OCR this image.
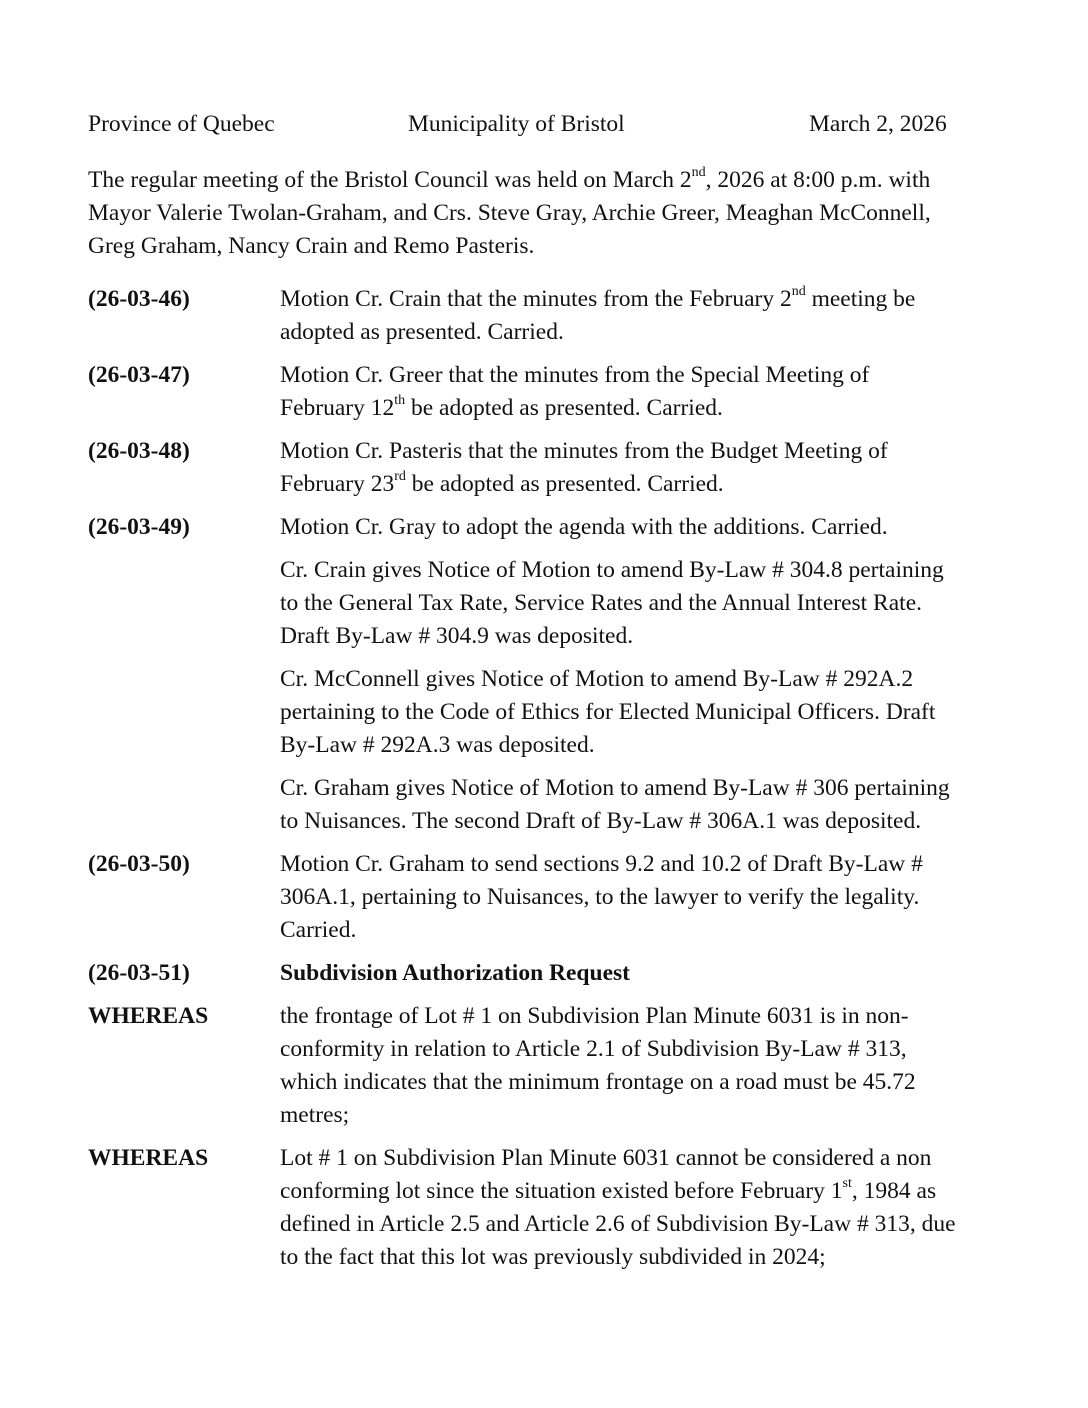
Province of Quebec	Municipality of Bristol	March 2, 2026
The regular meeting of the Bristol Council was held on March 2nd, 2026 at 8:00 p.m. with
Mayor Valerie Twolan-Graham, and Crs. Steve Gray, Archie Greer, Meaghan McConnell,
Greg Graham, Nancy Crain and Remo Pasteris.
(26-03-46)	Motion Cr. Crain that the minutes from the February 2nd meeting be
adopted as presented. Carried.
(26-03-47)	Motion Cr. Greer that the minutes from the Special Meeting of
February 12th be adopted as presented. Carried.
(26-03-48)	Motion Cr. Pasteris that the minutes from the Budget Meeting of
February 23rd be adopted as presented. Carried.
(26-03-49)	Motion Cr. Gray to adopt the agenda with the additions. Carried.
Cr. Crain gives Notice of Motion to amend By-Law # 304.8 pertaining
to the General Tax Rate, Service Rates and the Annual Interest Rate.
Draft By-Law # 304.9 was deposited.
Cr. McConnell gives Notice of Motion to amend By-Law # 292A.2
pertaining to the Code of Ethics for Elected Municipal Officers. Draft
By-Law # 292A.3 was deposited.
Cr. Graham gives Notice of Motion to amend By-Law # 306 pertaining
to Nuisances. The second Draft of By-Law # 306A.1 was deposited.
(26-03-50)	Motion Cr. Graham to send sections 9.2 and 10.2 of Draft By-Law #
306A.1, pertaining to Nuisances, to the lawyer to verify the legality.
Carried.
(26-03-51)	Subdivision Authorization Request
WHEREAS	the frontage of Lot # 1 on Subdivision Plan Minute 6031 is in non-
conformity in relation to Article 2.1 of Subdivision By-Law # 313,
which indicates that the minimum frontage on a road must be 45.72
metres;
WHEREAS	Lot # 1 on Subdivision Plan Minute 6031 cannot be considered a non
conforming lot since the situation existed before February 1st, 1984 as
defined in Article 2.5 and Article 2.6 of Subdivision By-Law # 313, due
to the fact that this lot was previously subdivided in 2024;
